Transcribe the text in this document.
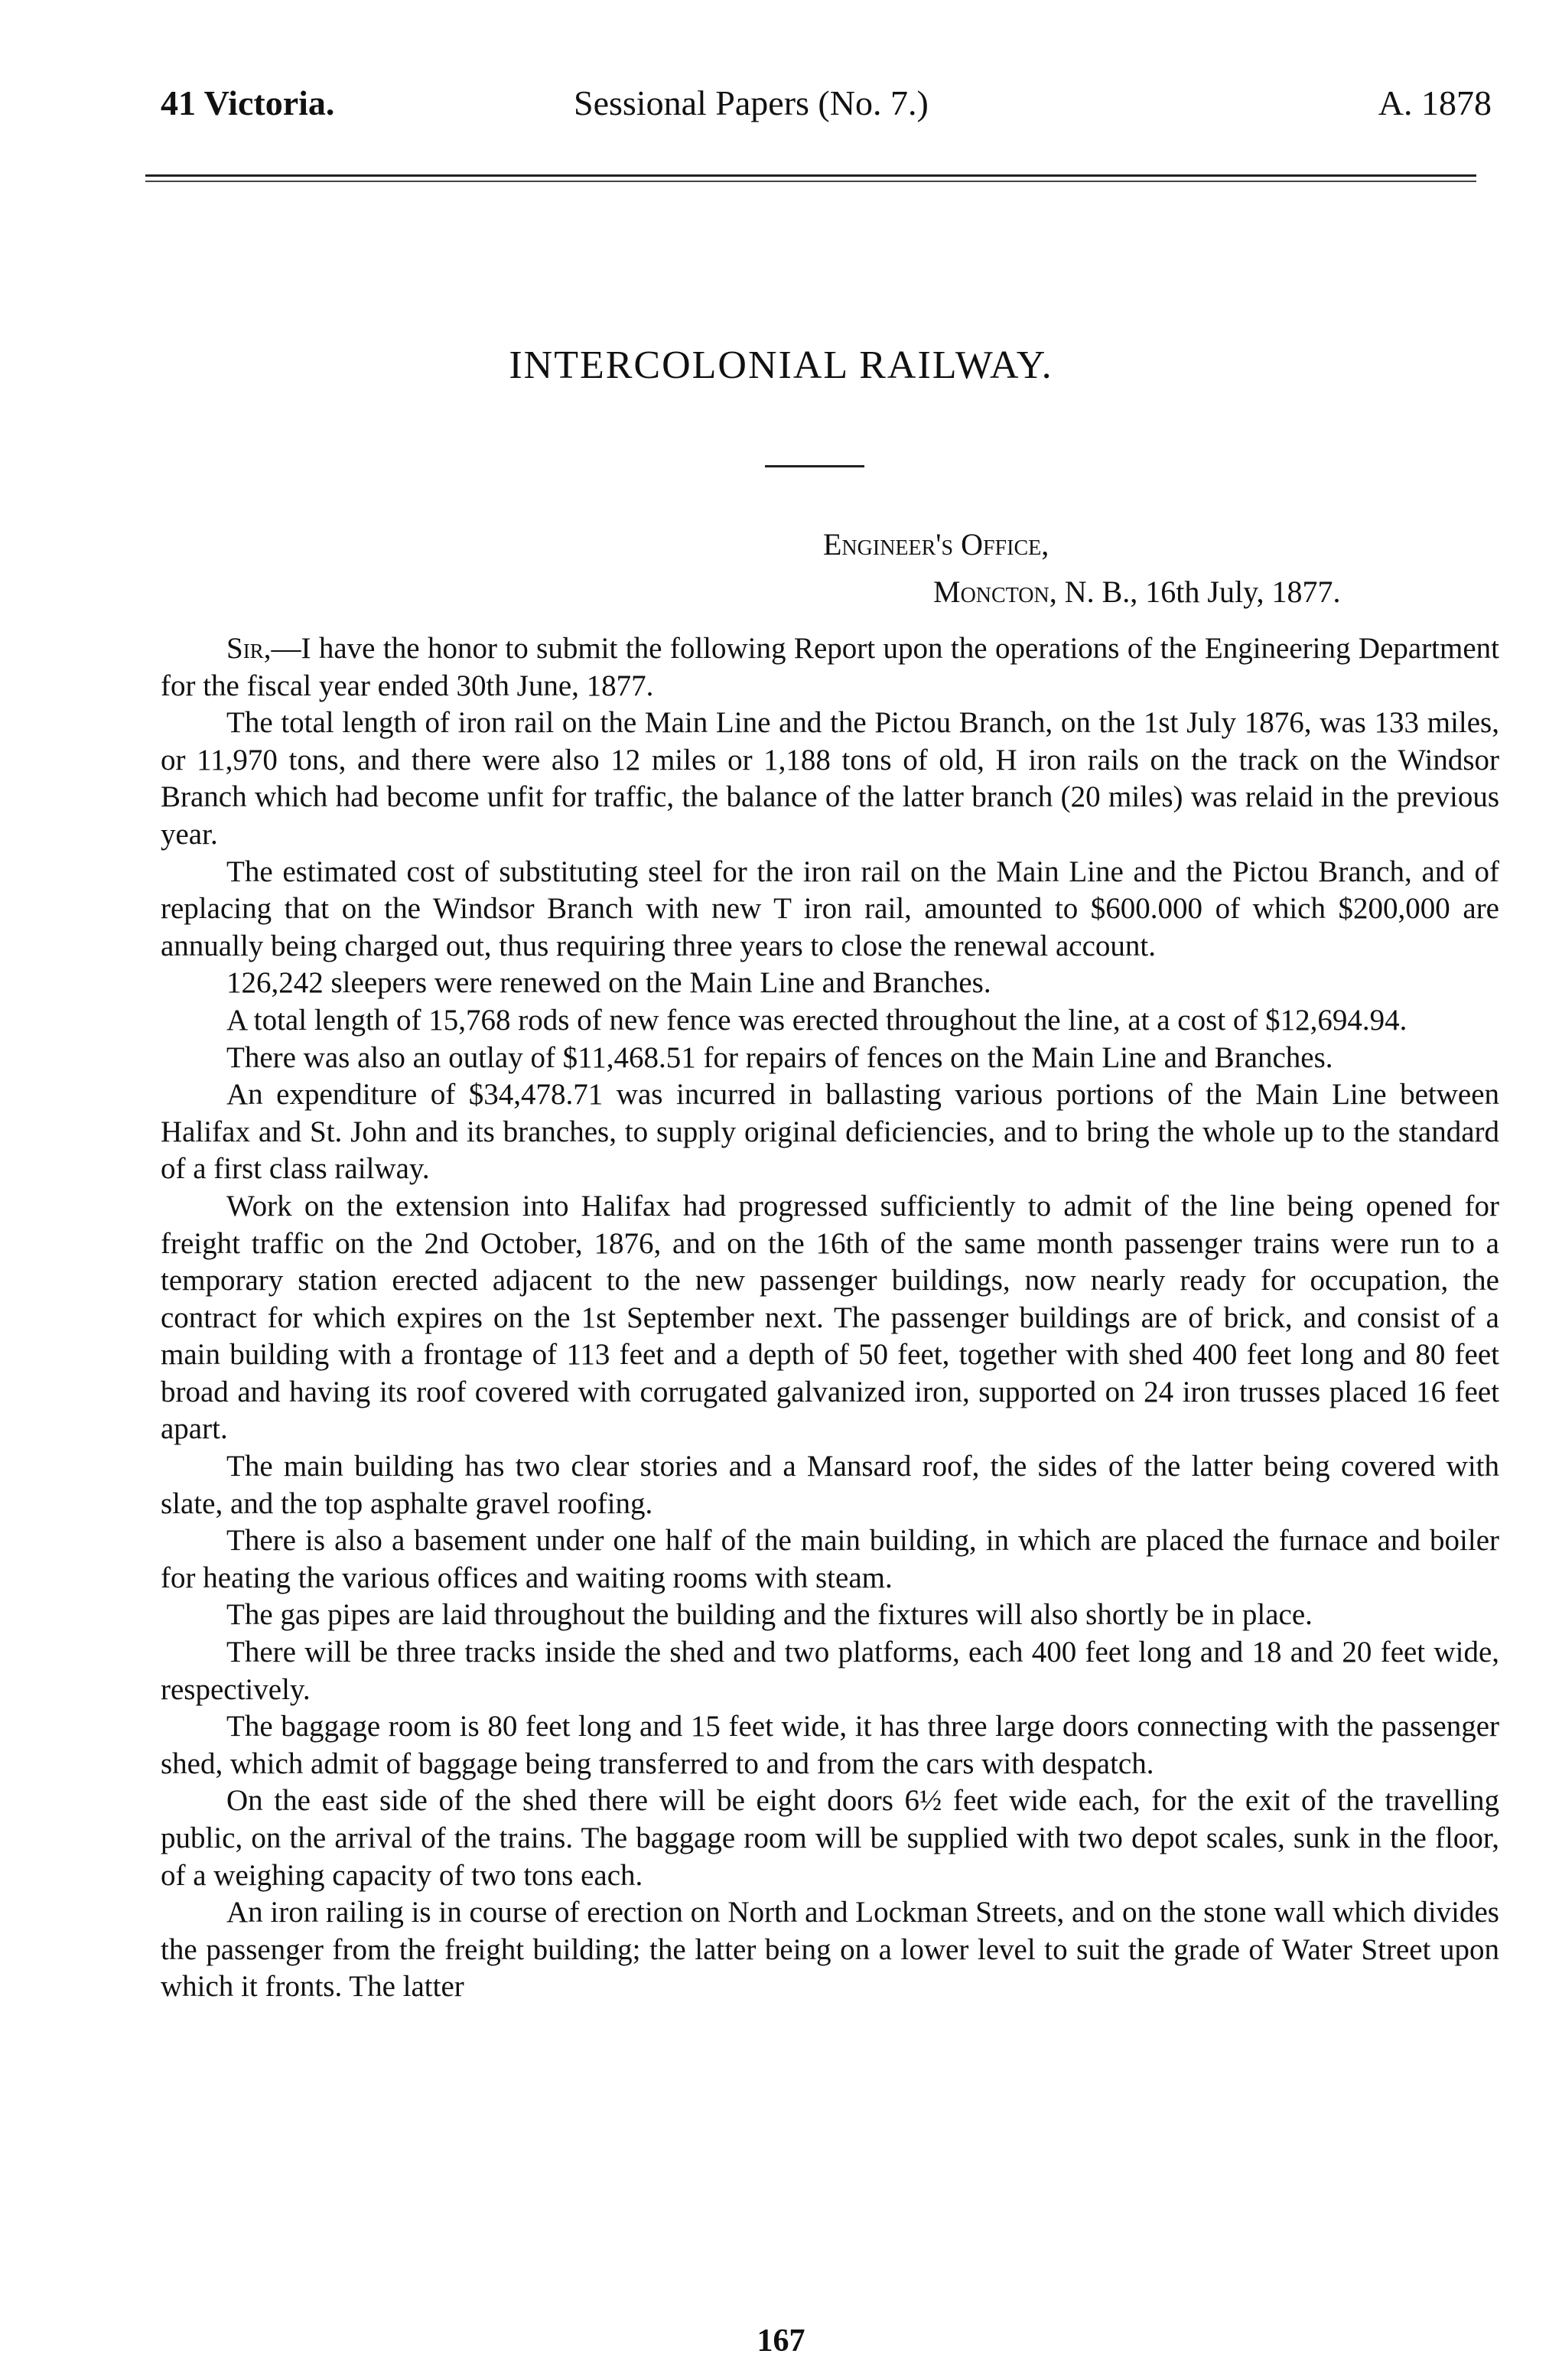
41 Victoria.	Sessional Papers (No. 7.)	A. 1878
INTERCOLONIAL RAILWAY.
Engineer's Office,
Moncton, N. B., 16th July, 1877.

Sir,—I have the honor to submit the following Report upon the operations of the Engineering Department for the fiscal year ended 30th June, 1877.

The total length of iron rail on the Main Line and the Pictou Branch, on the 1st July 1876, was 133 miles, or 11,970 tons, and there were also 12 miles or 1,188 tons of old, H iron rails on the track on the Windsor Branch which had become unfit for traffic, the balance of the latter branch (20 miles) was relaid in the previous year.

The estimated cost of substituting steel for the iron rail on the Main Line and the Pictou Branch, and of replacing that on the Windsor Branch with new T iron rail, amounted to $600.000 of which $200,000 are annually being charged out, thus requiring three years to close the renewal account.

126,242 sleepers were renewed on the Main Line and Branches.

A total length of 15,768 rods of new fence was erected throughout the line, at a cost of $12,694.94.

There was also an outlay of $11,468.51 for repairs of fences on the Main Line and Branches.

An expenditure of $34,478.71 was incurred in ballasting various portions of the Main Line between Halifax and St. John and its branches, to supply original deficiencies, and to bring the whole up to the standard of a first class railway.

Work on the extension into Halifax had progressed sufficiently to admit of the line being opened for freight traffic on the 2nd October, 1876, and on the 16th of the same month passenger trains were run to a temporary station erected adjacent to the new passenger buildings, now nearly ready for occupation, the contract for which expires on the 1st September next. The passenger buildings are of brick, and consist of a main building with a frontage of 113 feet and a depth of 50 feet, together with shed 400 feet long and 80 feet broad and having its roof covered with corrugated galvanized iron, supported on 24 iron trusses placed 16 feet apart.

The main building has two clear stories and a Mansard roof, the sides of the latter being covered with slate, and the top asphalte gravel roofing.

There is also a basement under one half of the main building, in which are placed the furnace and boiler for heating the various offices and waiting rooms with steam.

The gas pipes are laid throughout the building and the fixtures will also shortly be in place.

There will be three tracks inside the shed and two platforms, each 400 feet long and 18 and 20 feet wide, respectively.

The baggage room is 80 feet long and 15 feet wide, it has three large doors connecting with the passenger shed, which admit of baggage being transferred to and from the cars with despatch.

On the east side of the shed there will be eight doors 6½ feet wide each, for the exit of the travelling public, on the arrival of the trains. The baggage room will be supplied with two depot scales, sunk in the floor, of a weighing capacity of two tons each.

An iron railing is in course of erection on North and Lockman Streets, and on the stone wall which divides the passenger from the freight building; the latter being on a lower level to suit the grade of Water Street upon which it fronts. The latter

167
